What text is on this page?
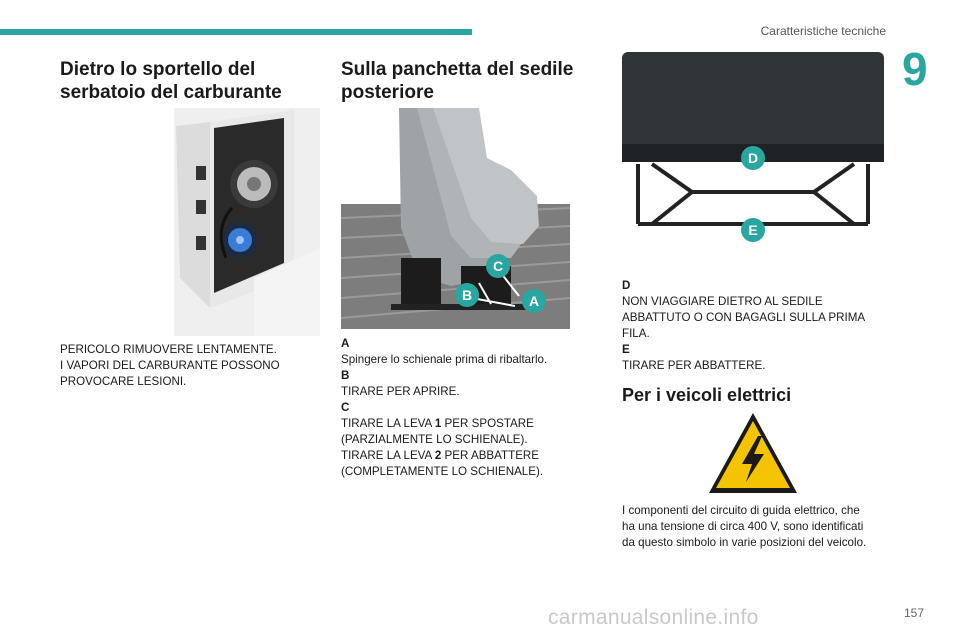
Caratteristiche tecniche
9
Dietro lo sportello del
serbatoio del carburante
PERICOLO RIMUOVERE LENTAMENTE.
I VAPORI DEL CARBURANTE POSSONO
PROVOCARE LESIONI.
Sulla panchetta del sedile
posteriore
C
B	A
A
Spingere lo schienale prima di ribaltarlo.
B
TIRARE PER APRIRE.
C
TIRARE LA LEVA 1 PER SPOSTARE
(PARZIALMENTE LO SCHIENALE).
TIRARE LA LEVA 2 PER ABBATTERE
(COMPLETAMENTE LO SCHIENALE).
D
E
D
NON VIAGGIARE DIETRO AL SEDILE
ABBATTUTO O CON BAGAGLI SULLA PRIMA
FILA.
E
TIRARE PER ABBATTERE.
Per i veicoli elettrici
I componenti del circuito di guida elettrico, che
ha una tensione di circa 400 V, sono identificati
da questo simbolo in varie posizioni del veicolo.
carmanualsonline.info	157
